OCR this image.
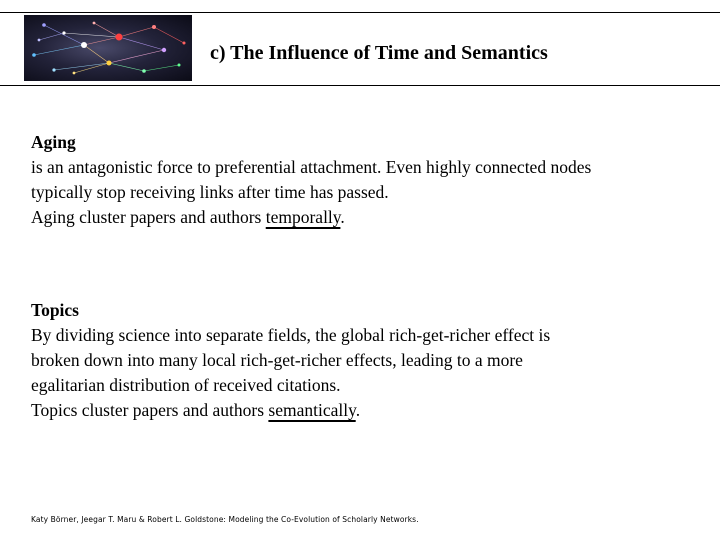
c) The Influence of Time and Semantics

Aging

is an antagonistic force to preferential attachment. Even highly connected nodes

typically stop receiving links after time has passed.

Aging cluster papers and authors temporally.

Topics

By dividing science into separate fields, the global rich-get-richer effect is

broken down into many local rich-get-richer effects, leading to a more

egalitarian distribution of received citations.

Topics cluster papers and authors semantically.

Katy Börner, Jeegar T. Maru & Robert L. Goldstone: Modeling the Co-Evolution of Scholarly Networks.
